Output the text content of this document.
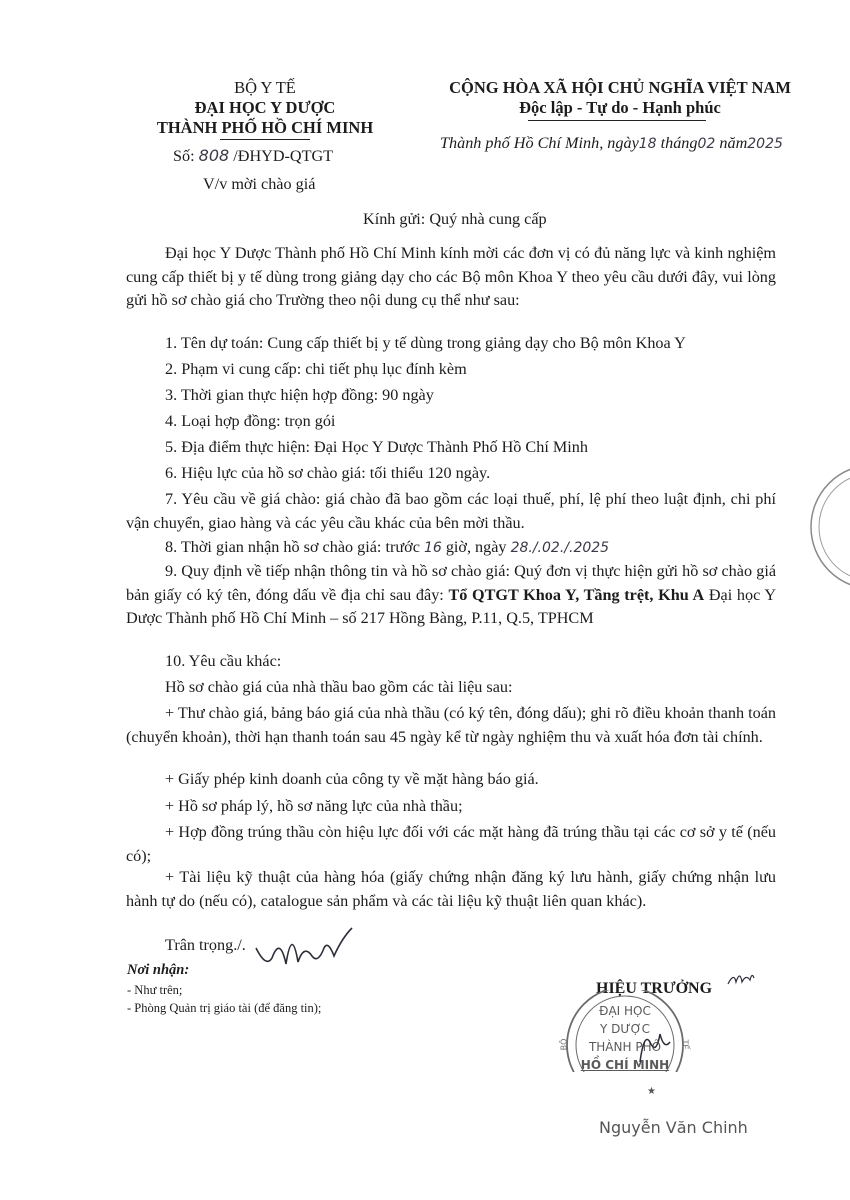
BỘ Y TẾ
ĐẠI HỌC Y DƯỢC
THÀNH PHỐ HỒ CHÍ MINH
Số: 808 /ĐHYD-QTGT
V/v mời chào giá
CỘNG HÒA XÃ HỘI CHỦ NGHĨA VIỆT NAM
Độc lập - Tự do - Hạnh phúc
Thành phố Hồ Chí Minh, ngày18 tháng02 năm2025
Kính gửi: Quý nhà cung cấp
Đại học Y Dược Thành phố Hồ Chí Minh kính mời các đơn vị có đủ năng lực và kinh nghiệm cung cấp thiết bị y tế dùng trong giảng dạy cho các Bộ môn Khoa Y theo yêu cầu dưới đây, vui lòng gửi hồ sơ chào giá cho Trường theo nội dung cụ thể như sau:
1. Tên dự toán: Cung cấp thiết bị y tế dùng trong giảng dạy cho Bộ môn Khoa Y
2. Phạm vi cung cấp: chi tiết phụ lục đính kèm
3. Thời gian thực hiện hợp đồng: 90 ngày
4. Loại hợp đồng: trọn gói
5. Địa điểm thực hiện: Đại Học Y Dược Thành Phố Hồ Chí Minh
6. Hiệu lực của hồ sơ chào giá: tối thiểu 120 ngày.
7. Yêu cầu về giá chào: giá chào đã bao gồm các loại thuế, phí, lệ phí theo luật định, chi phí vận chuyển, giao hàng và các yêu cầu khác của bên mời thầu.
8. Thời gian nhận hồ sơ chào giá: trước 16 giờ, ngày 28./.02./.2025
9. Quy định về tiếp nhận thông tin và hồ sơ chào giá: Quý đơn vị thực hiện gửi hồ sơ chào giá bản giấy có ký tên, đóng dấu về địa chỉ sau đây: Tổ QTGT Khoa Y, Tầng trệt, Khu A Đại học Y Dược Thành phố Hồ Chí Minh – số 217 Hồng Bàng, P.11, Q.5, TPHCM
10. Yêu cầu khác:
Hồ sơ chào giá của nhà thầu bao gồm các tài liệu sau:
+ Thư chào giá, bảng báo giá của nhà thầu (có ký tên, đóng dấu); ghi rõ điều khoản thanh toán (chuyển khoản), thời hạn thanh toán sau 45 ngày kể từ ngày nghiệm thu và xuất hóa đơn tài chính.
+ Giấy phép kinh doanh của công ty về mặt hàng báo giá.
+ Hồ sơ pháp lý, hồ sơ năng lực của nhà thầu;
+ Hợp đồng trúng thầu còn hiệu lực đối với các mặt hàng đã trúng thầu tại các cơ sở y tế (nếu có);
+ Tài liệu kỹ thuật của hàng hóa (giấy chứng nhận đăng ký lưu hành, giấy chứng nhận lưu hành tự do (nếu có), catalogue sản phẩm và các tài liệu kỹ thuật liên quan khác).
Trân trọng./.
Nơi nhận:
- Như trên;
- Phòng Quản trị giáo tài (để đăng tin);
HIỆU TRƯỞNG
★
ĐẠI HỌC
Y DƯỢC
THÀNH PHỐ
HỒ CHÍ MINH
BỘ	TẾ
Nguyễn Văn Chinh
